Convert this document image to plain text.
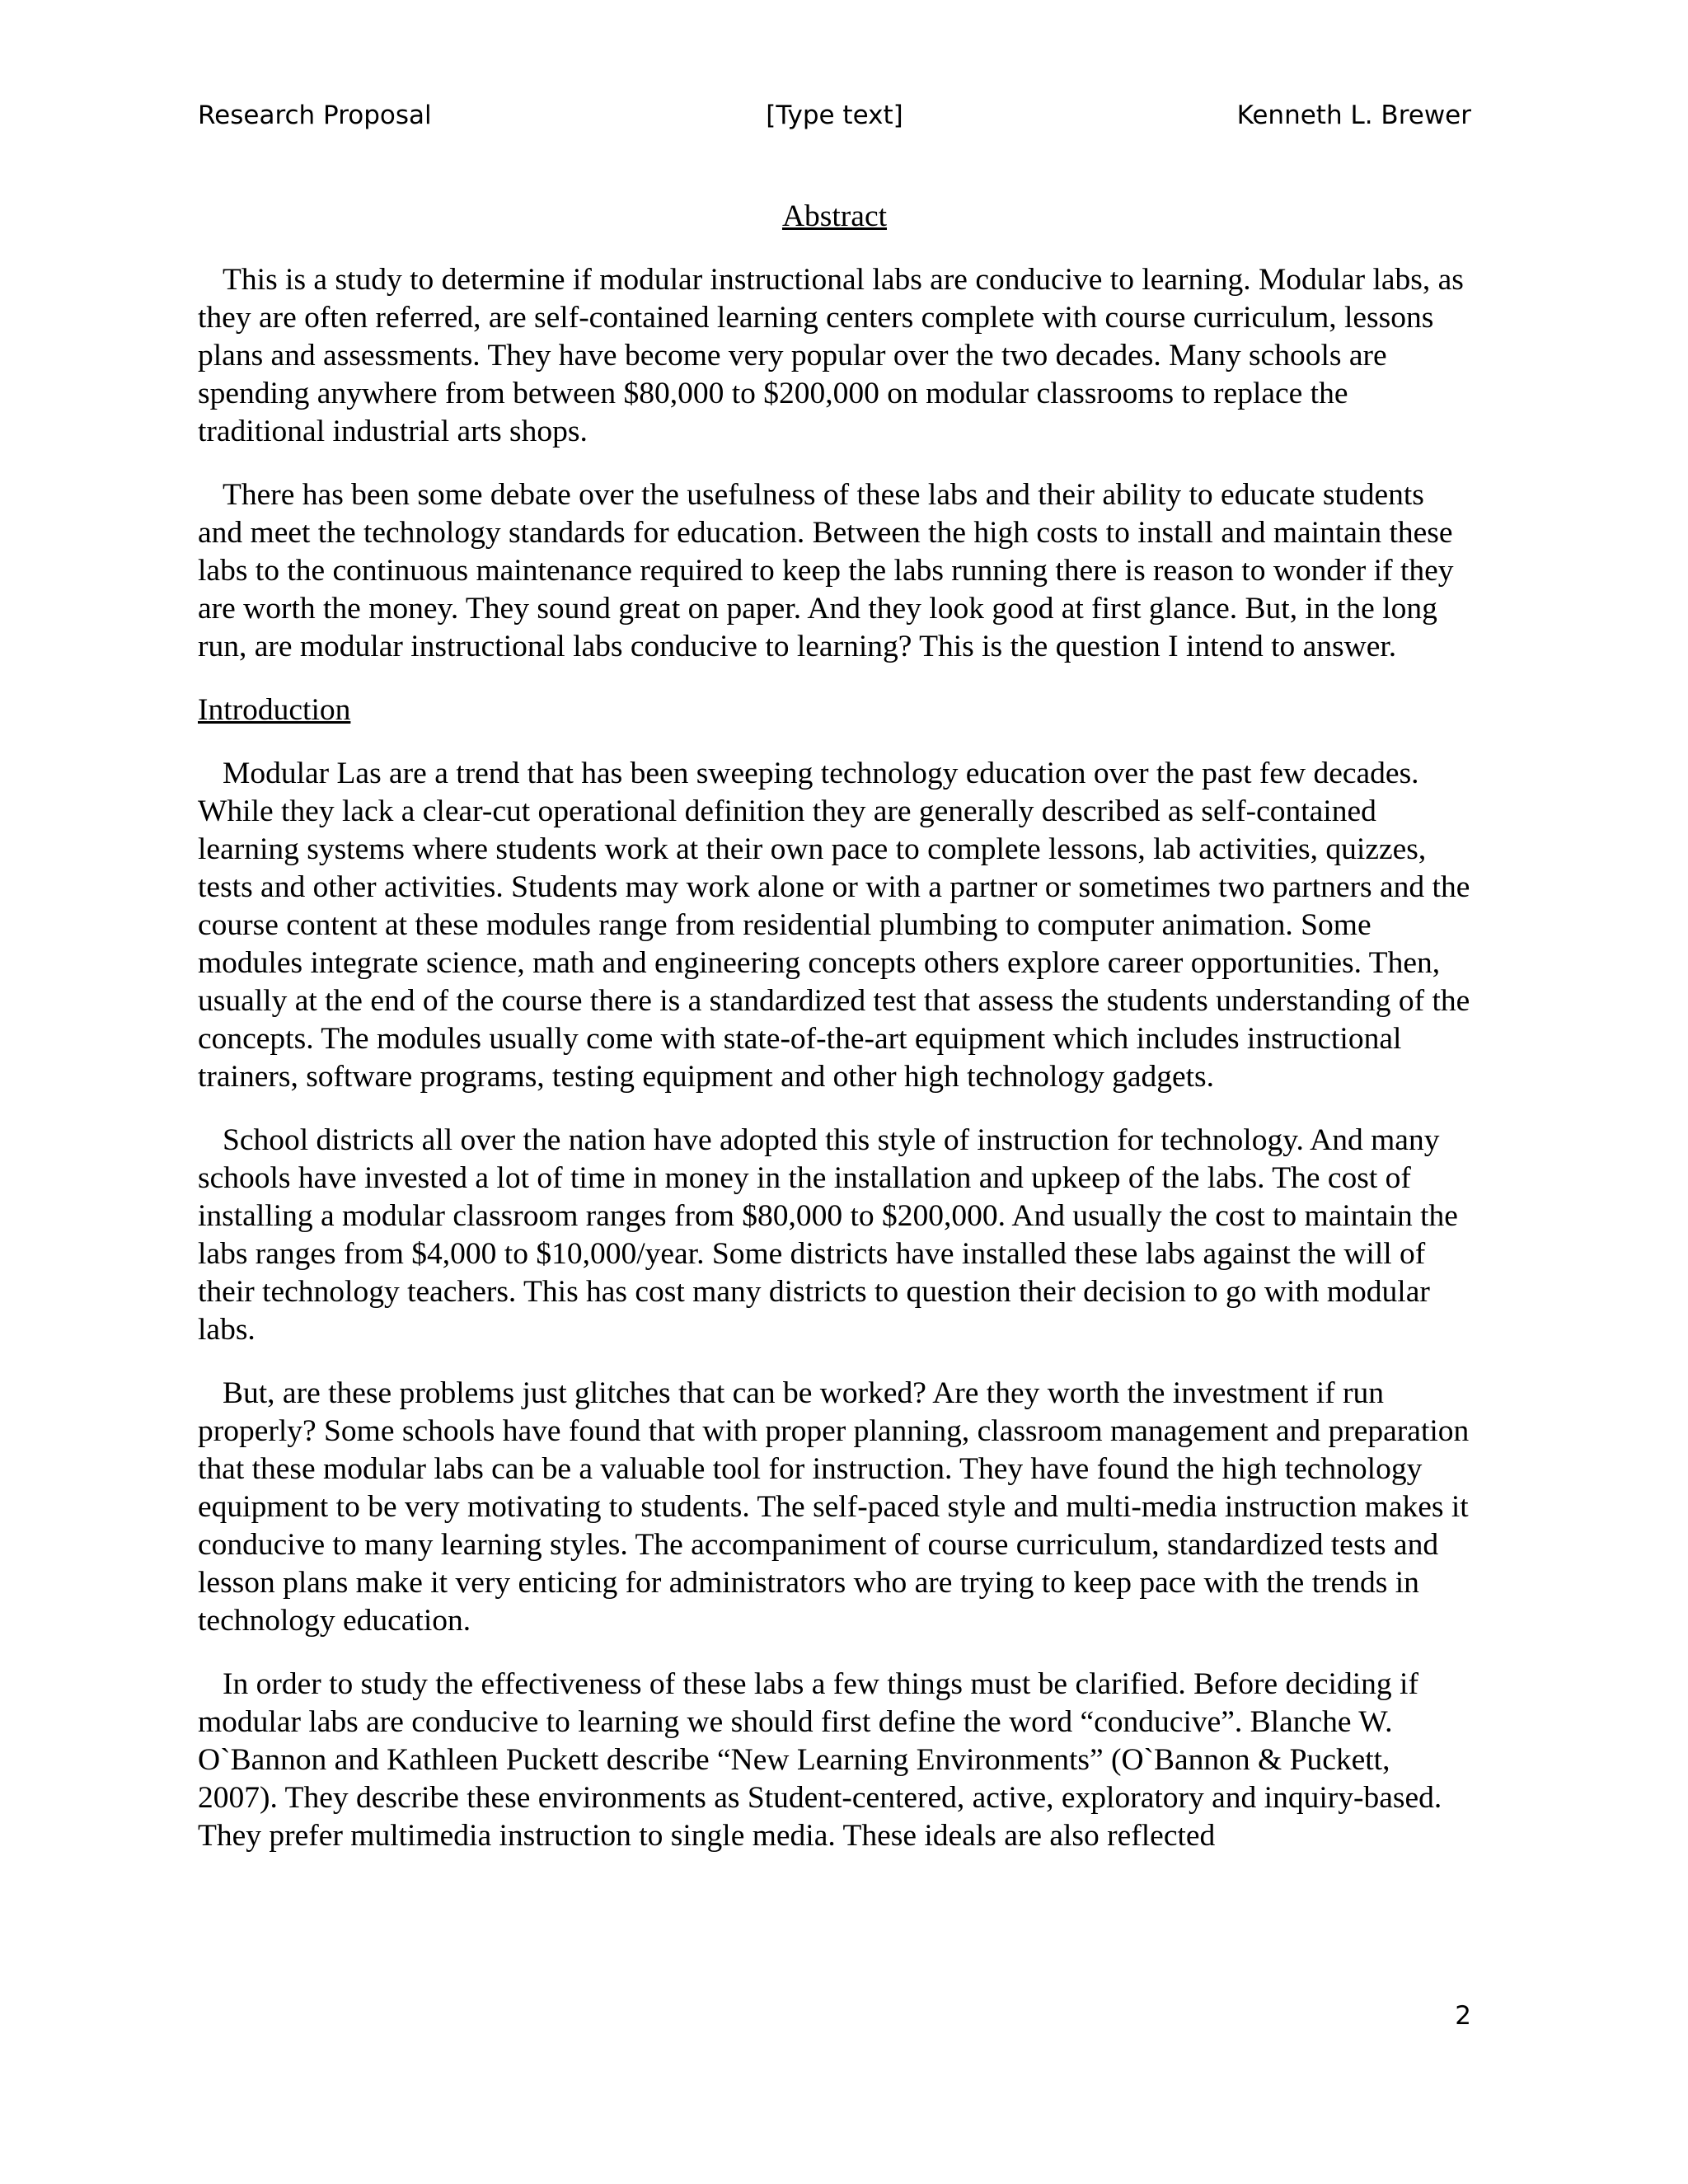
Research Proposal	[Type text]	Kenneth L. Brewer
Abstract

This is a study to determine if modular instructional labs are conducive to learning. Modular labs, as they are often referred, are self-contained learning centers complete with course curriculum, lessons plans and assessments. They have become very popular over the two decades. Many schools are spending anywhere from between $80,000 to $200,000 on modular classrooms to replace the traditional industrial arts shops.

There has been some debate over the usefulness of these labs and their ability to educate students and meet the technology standards for education. Between the high costs to install and maintain these labs to the continuous maintenance required to keep the labs running there is reason to wonder if they are worth the money. They sound great on paper. And they look good at first glance. But, in the long run, are modular instructional labs conducive to learning? This is the question I intend to answer.

Introduction

Modular Las are a trend that has been sweeping technology education over the past few decades. While they lack a clear-cut operational definition they are generally described as self-contained learning systems where students work at their own pace to complete lessons, lab activities, quizzes, tests and other activities. Students may work alone or with a partner or sometimes two partners and the course content at these modules range from residential plumbing to computer animation. Some modules integrate science, math and engineering concepts others explore career opportunities. Then, usually at the end of the course there is a standardized test that assess the students understanding of the concepts. The modules usually come with state-of-the-art equipment which includes instructional trainers, software programs, testing equipment and other high technology gadgets.

School districts all over the nation have adopted this style of instruction for technology. And many schools have invested a lot of time in money in the installation and upkeep of the labs. The cost of installing a modular classroom ranges from $80,000 to $200,000. And usually the cost to maintain the labs ranges from $4,000 to $10,000/year. Some districts have installed these labs against the will of their technology teachers. This has cost many districts to question their decision to go with modular labs.

But, are these problems just glitches that can be worked? Are they worth the investment if run properly? Some schools have found that with proper planning, classroom management and preparation that these modular labs can be a valuable tool for instruction. They have found the high technology equipment to be very motivating to students. The self-paced style and multi-media instruction makes it conducive to many learning styles. The accompaniment of course curriculum, standardized tests and lesson plans make it very enticing for administrators who are trying to keep pace with the trends in technology education.

In order to study the effectiveness of these labs a few things must be clarified. Before deciding if modular labs are conducive to learning we should first define the word “conducive”. Blanche W. O`Bannon and Kathleen Puckett describe “New Learning Environments” (O`Bannon & Puckett, 2007). They describe these environments as Student-centered, active, exploratory and inquiry-based. They prefer multimedia instruction to single media. These ideals are also reflected

2
